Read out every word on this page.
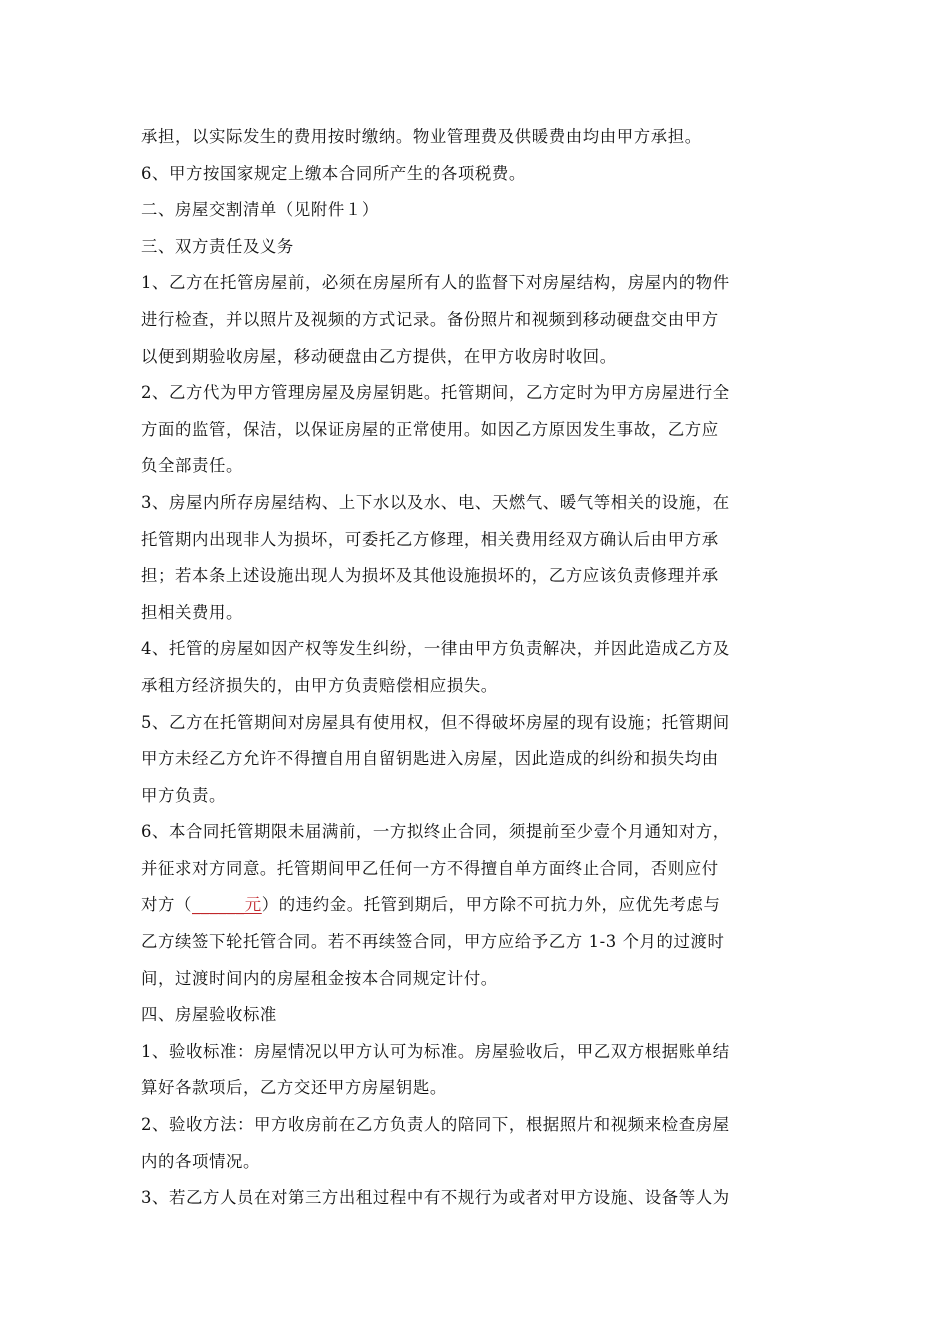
承担，以实际发生的费用按时缴纳。物业管理费及供暖费由均由甲方承担。
6、甲方按国家规定上缴本合同所产生的各项税费。
二、房屋交割清单（见附件１）
三、双方责任及义务
1、乙方在托管房屋前，必须在房屋所有人的监督下对房屋结构，房屋内的物件
进行检查，并以照片及视频的方式记录。备份照片和视频到移动硬盘交由甲方
以便到期验收房屋，移动硬盘由乙方提供，在甲方收房时收回。
2、乙方代为甲方管理房屋及房屋钥匙。托管期间，乙方定时为甲方房屋进行全
方面的监管，保洁，以保证房屋的正常使用。如因乙方原因发生事故，乙方应
负全部责任。
3、房屋内所存房屋结构、上下水以及水、电、天燃气、暖气等相关的设施，在
托管期内出现非人为损坏，可委托乙方修理，相关费用经双方确认后由甲方承
担；若本条上述设施出现人为损坏及其他设施损坏的，乙方应该负责修理并承
担相关费用。
4、托管的房屋如因产权等发生纠纷，一律由甲方负责解决，并因此造成乙方及
承租方经济损失的，由甲方负责赔偿相应损失。
5、乙方在托管期间对房屋具有使用权，但不得破坏房屋的现有设施；托管期间
甲方未经乙方允许不得擅自用自留钥匙进入房屋，因此造成的纠纷和损失均由
甲方负责。
6、本合同托管期限未届满前，一方拟终止合同，须提前至少壹个月通知对方，
并征求对方同意。托管期间甲乙任何一方不得擅自单方面终止合同，否则应付
对方（______元）的违约金。托管到期后，甲方除不可抗力外，应优先考虑与
乙方续签下轮托管合同。若不再续签合同，甲方应给予乙方 1-3 个月的过渡时
间，过渡时间内的房屋租金按本合同规定计付。
四、房屋验收标准
1、验收标准：房屋情况以甲方认可为标准。房屋验收后，甲乙双方根据账单结
算好各款项后，乙方交还甲方房屋钥匙。
2、验收方法：甲方收房前在乙方负责人的陪同下，根据照片和视频来检查房屋
内的各项情况。
3、若乙方人员在对第三方出租过程中有不规行为或者对甲方设施、设备等人为
